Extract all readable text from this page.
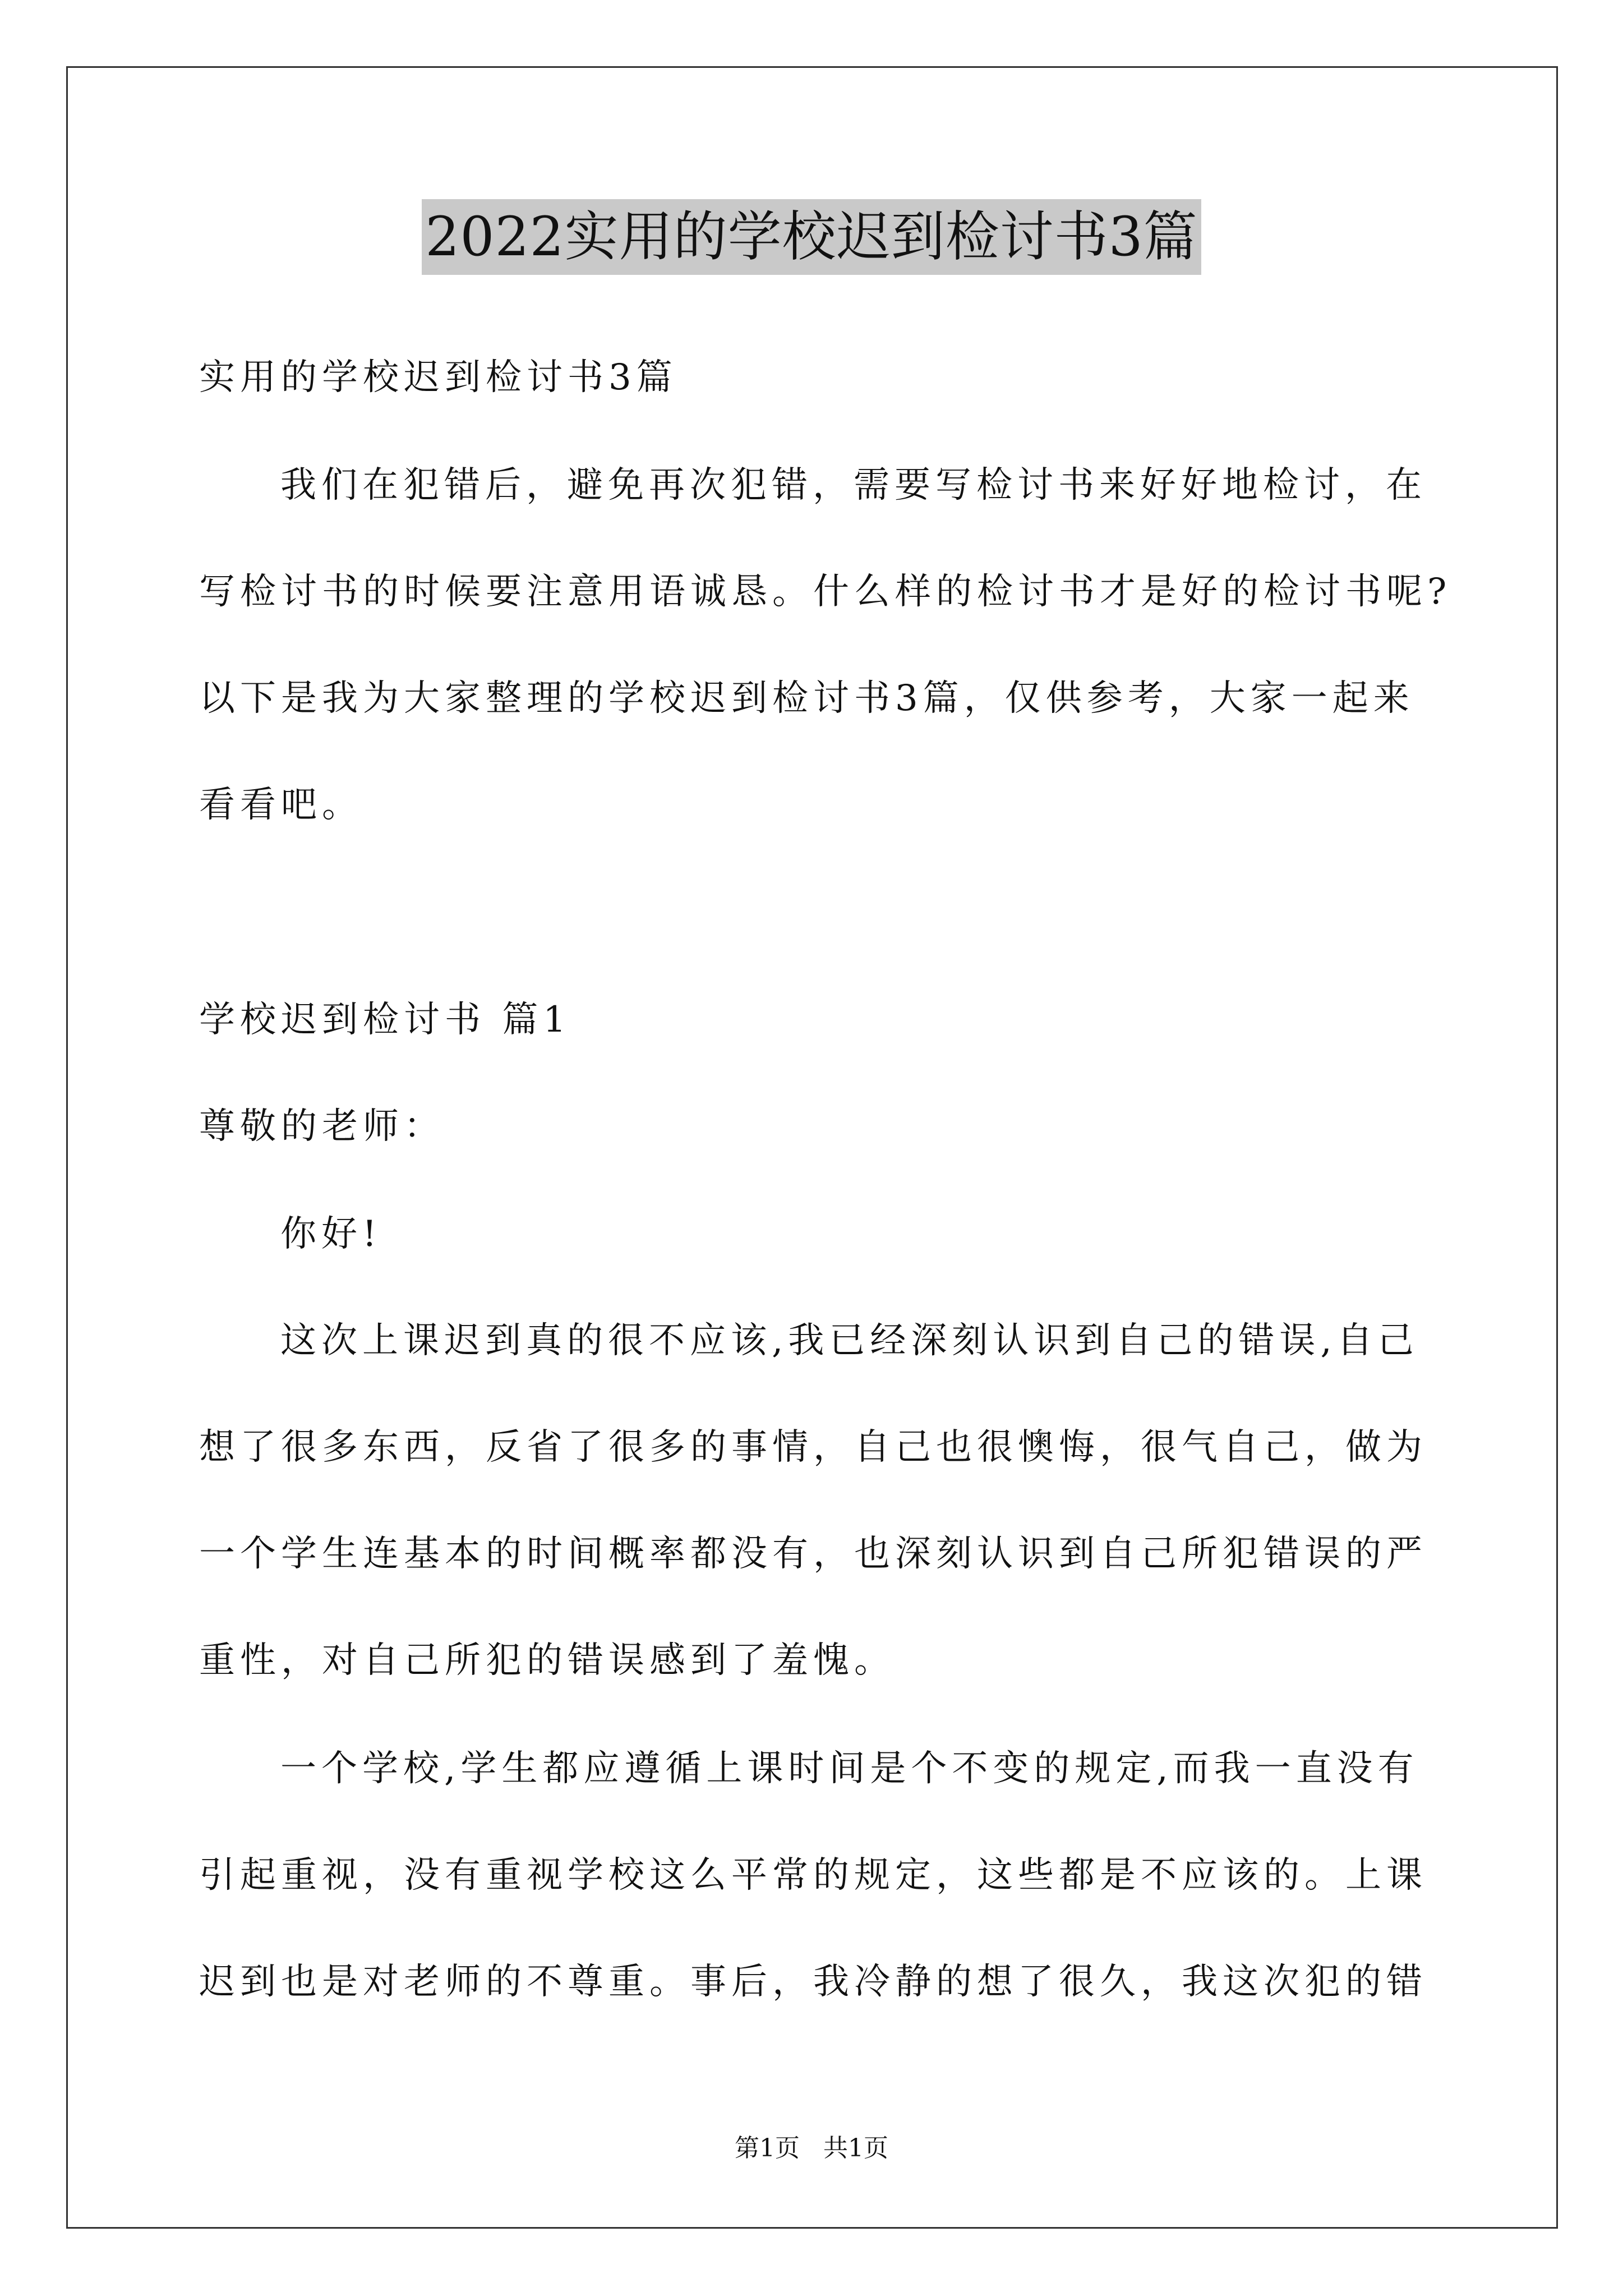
2022实用的学校迟到检讨书3篇
实用的学校迟到检讨书3篇
我们在犯错后，避免再次犯错，需要写检讨书来好好地检讨，在
写检讨书的时候要注意用语诚恳。什么样的检讨书才是好的检讨书呢?
以下是我为大家整理的学校迟到检讨书3篇，仅供参考，大家一起来
看看吧。
学校迟到检讨书 篇1
尊敬的老师：
你好!
这次上课迟到真的很不应该,我已经深刻认识到自己的错误,自己
想了很多东西，反省了很多的事情，自己也很懊悔，很气自己，做为
一个学生连基本的时间概率都没有，也深刻认识到自己所犯错误的严
重性，对自己所犯的错误感到了羞愧。
一个学校,学生都应遵循上课时间是个不变的规定,而我一直没有
引起重视，没有重视学校这么平常的规定，这些都是不应该的。上课
迟到也是对老师的不尊重。事后，我冷静的想了很久，我这次犯的错
第1页   共1页
